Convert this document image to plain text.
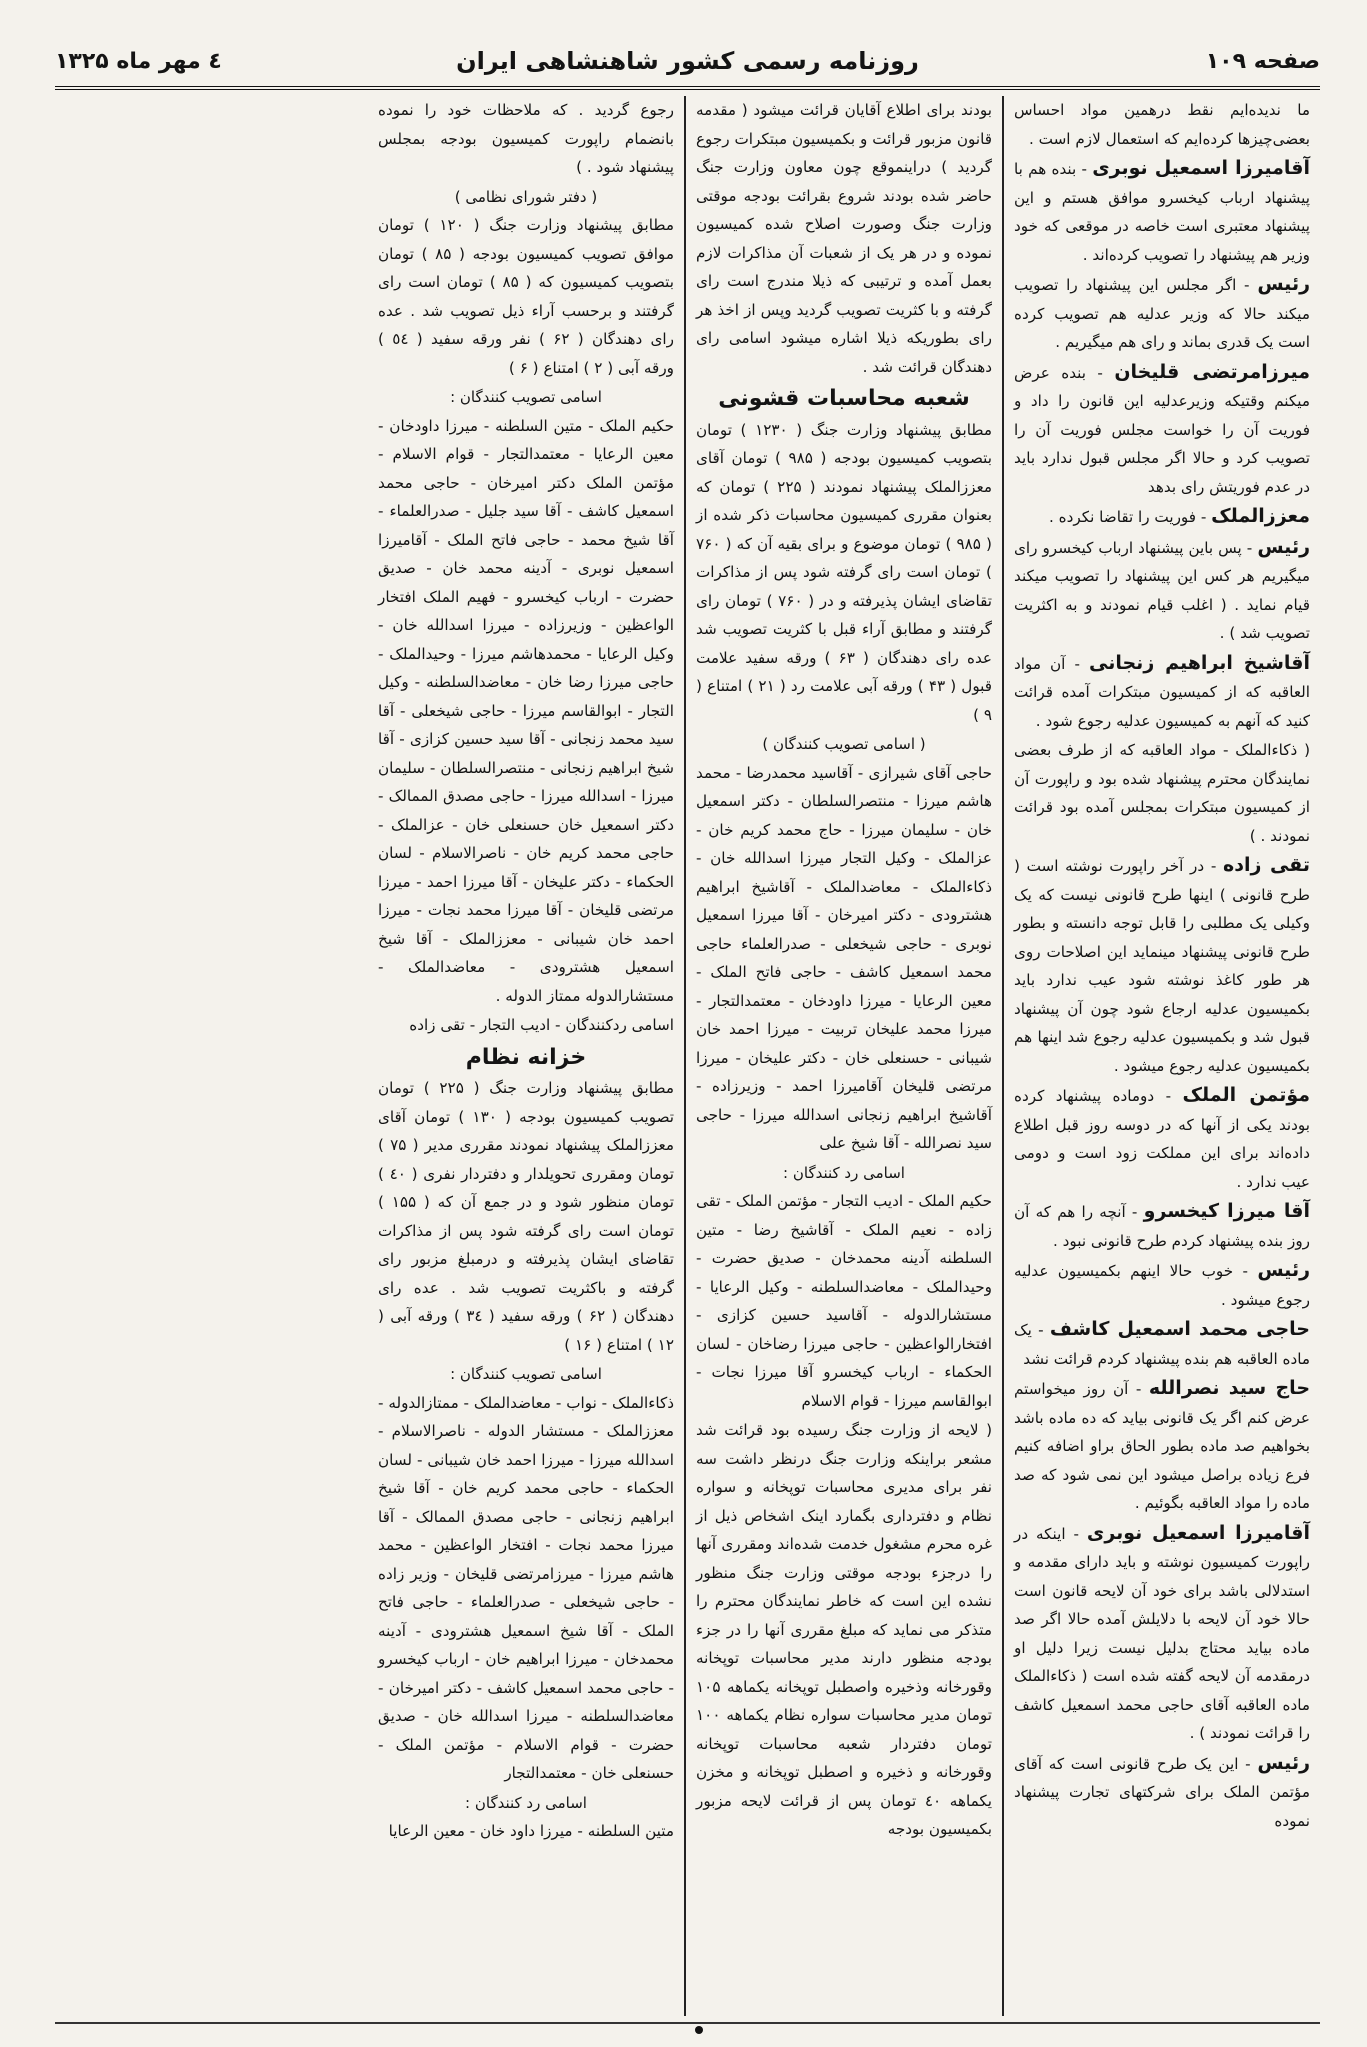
صفحه ۱۰۹
روزنامه رسمی کشور شاهنشاهی ایران
٤ مهر ماه ۱۳۲۵

ما ندیده‌ایم نقط درهمین مواد احساس بعضی‌چیزها کرده‌ایم که استعمال لازم است .

آقامیرزا اسمعیل نوبری - بنده هم با پیشنهاد ارباب کیخسرو موافق هستم و این پیشنهاد معتبری است خاصه در موقعی که خود وزیر هم پیشنهاد را تصویب کرده‌اند .

رئیس - اگر مجلس این پیشنهاد را تصویب میکند حالا که وزیر عدلیه هم تصویب کرده است یک قدری بماند و رای هم میگیریم .

میرزامرتضی قلیخان - بنده عرض میکنم وقتیکه وزیرعدلیه این قانون را داد و فوریت آن را خواست مجلس فوریت آن را تصویب کرد و حالا اگر مجلس قبول ندارد باید در عدم فوریتش رای بدهد

معززالملک - فوریت را تقاضا نکرده .

رئیس - پس باین پیشنهاد ارباب کیخسرو رای میگیریم هر کس این پیشنهاد را تصویب میکند قیام نماید . ( اغلب قیام نمودند و به اکثریت تصویب شد ) .

آقاشیخ ابراهیم زنجانی - آن مواد العاقبه که از کمیسیون مبتکرات آمده قرائت کنید که آنهم به کمیسیون عدلیه رجوع شود .

( ذکاءالملک - مواد العاقبه که از طرف بعضی نمایندگان محترم پیشنهاد شده بود و راپورت آن از کمیسیون مبتکرات بمجلس آمده بود قرائت نمودند . )

تقی زاده - در آخر راپورت نوشته است ( طرح قانونی ) اینها طرح قانونی نیست که یک وکیلی یک مطلبی را قابل توجه دانسته و بطور طرح قانونی پیشنهاد مینماید این اصلاحات روی هر طور کاغذ نوشته شود عیب ندارد باید بکمیسیون عدلیه ارجاع شود چون آن پیشنهاد قبول شد و بکمیسیون عدلیه رجوع شد اینها هم بکمیسیون عدلیه رجوع میشود .

مؤتمن الملک - دوماده پیشنهاد کرده بودند یکی از آنها که در دوسه روز قبل اطلاع داده‌اند برای این مملکت زود است و دومی عیب ندارد .

آقا میرزا کیخسرو - آنچه را هم که آن روز بنده پیشنهاد کردم طرح قانونی نبود .

رئیس - خوب حالا اینهم بکمیسیون عدلیه رجوع میشود .

حاجی محمد اسمعیل کاشف - یک ماده العاقبه هم بنده پیشنهاد کردم قرائت نشد

حاج سید نصرالله - آن روز میخواستم عرض کنم اگر یک قانونی بیاید که ده ماده باشد بخواهیم صد ماده بطور الحاق براو اضافه کنیم فرع زیاده براصل میشود این نمی شود که صد ماده را مواد العاقبه بگوئیم .

آقامیرزا اسمعیل نوبری - اینکه در راپورت کمیسیون نوشته و باید دارای مقدمه و استدلالی باشد برای خود آن لایحه قانون است حالا خود آن لایحه با دلایلش آمده حالا اگر صد ماده بیاید محتاج بدلیل نیست زیرا دلیل او درمقدمه آن لایحه گفته شده است ( ذکاءالملک ماده العاقبه آقای حاجی محمد اسمعیل کاشف را قرائت نمودند ) .

رئیس - این یک طرح قانونی است که آقای مؤتمن الملک برای شرکتهای تجارت پیشنهاد نموده

بودند برای اطلاع آقایان قرائت میشود ( مقدمه قانون مزبور قرائت و بکمیسیون مبتکرات رجوع گردید ) دراینموقع چون معاون وزارت جنگ حاضر شده بودند شروع بقرائت بودجه موقتی وزارت جنگ وصورت اصلاح شده کمیسیون نموده و در هر یک از شعبات آن مذاکرات لازم بعمل آمده و ترتیبی که ذیلا مندرج است رای گرفته و با کثریت تصویب گردید وپس از اخذ هر رای بطوریکه ذیلا اشاره میشود اسامی رای دهندگان قرائت شد .

شعبه محاسبات قشونی

مطابق پیشنهاد وزارت جنگ ( ۱۲۳۰ ) تومان بتصویب کمیسیون بودجه ( ۹۸۵ ) تومان آقای معززالملک پیشنهاد نمودند ( ۲۲۵ ) تومان که بعنوان مقرری کمیسیون محاسبات ذکر شده از ( ۹۸۵ ) تومان موضوع و برای بقیه آن که ( ۷۶۰ ) تومان است رای گرفته شود پس از مذاکرات تقاضای ایشان پذیرفته و در ( ۷۶۰ ) تومان رای گرفتند و مطابق آراء قبل با کثریت تصویب شد عده رای دهندگان ( ۶۳ ) ورقه سفید علامت قبول ( ۴۳ ) ورقه آبی علامت رد ( ۲۱ ) امتناع ( ۹ )

( اسامی تصویب کنندگان )

حاجی آقای شیرازی - آقاسید محمدرضا - محمد هاشم میرزا - منتصرالسلطان - دکتر اسمعیل خان - سلیمان میرزا - حاج محمد کریم خان - عزالملک - وکیل التجار میرزا اسدالله خان - ذکاءالملک - معاضدالملک - آقاشیخ ابراهیم هشترودی - دکتر امیرخان - آقا میرزا اسمعیل نوبری - حاجی شیخعلی - صدرالعلماء حاجی محمد اسمعیل کاشف - حاجی فاتح الملک - معین الرعایا - میرزا داودخان - معتمدالتجار - میرزا محمد علیخان تربیت - میرزا احمد خان شیبانی - حسنعلی خان - دکتر علیخان - میرزا مرتضی قلیخان آقامیرزا احمد - وزیرزاده - آقاشیخ ابراهیم زنجانی اسدالله میرزا - حاجی سید نصرالله - آقا شیخ علی

اسامی رد کنندگان :

حکیم الملک - ادیب التجار - مؤتمن الملک - تقی زاده - نعیم الملک - آقاشیخ رضا - متین السلطنه آدینه محمدخان - صدیق حضرت - وحیدالملک - معاضدالسلطنه - وکیل الرعایا - مستشارالدوله - آقاسید حسین کزازی - افتخارالواعظین - حاجی میرزا رضاخان - لسان الحکماء - ارباب کیخسرو آقا میرزا نجات - ابوالقاسم میرزا - قوام الاسلام

( لایحه از وزارت جنگ رسیده بود قرائت شد مشعر براینکه وزارت جنگ درنظر داشت سه نفر برای مدیری محاسبات توپخانه و سواره نظام و دفترداری بگمارد اینک اشخاص ذیل از غره محرم مشغول خدمت شده‌اند ومقرری آنها را درجزء بودجه موقتی وزارت جنگ منظور نشده این است که خاطر نمایندگان محترم را متذکر می نماید که مبلغ مقرری آنها را در جزء بودجه منظور دارند مدیر محاسبات توپخانه وقورخانه وذخیره واصطبل توپخانه یکماهه ۱۰۵ تومان مدیر محاسبات سواره نظام یکماهه ۱۰۰ تومان دفتردار شعبه محاسبات توپخانه وقورخانه و ذخیره و اصطبل توپخانه و مخزن یکماهه ٤٠ تومان پس از قرائت لایحه مزبور بکمیسیون بودجه

رجوع گردید . که ملاحظات خود را نموده بانضمام راپورت کمیسیون بودجه بمجلس پیشنهاد شود . )

( دفتر شورای نظامی )

مطابق پیشنهاد وزارت جنگ ( ۱۲۰ ) تومان موافق تصویب کمیسیون بودجه ( ۸۵ ) تومان بتصویب کمیسیون که ( ۸۵ ) تومان است رای گرفتند و برحسب آراء ذیل تصویب شد . عده رای دهندگان ( ۶۲ ) نفر ورقه سفید ( ٥٤ ) ورقه آبی ( ۲ ) امتناع ( ۶ )

اسامی تصویب کنندگان :

حکیم الملک - متین السلطنه - میرزا داودخان - معین الرعایا - معتمدالتجار - قوام الاسلام - مؤتمن الملک دکتر امیرخان - حاجی محمد اسمعیل کاشف - آقا سید جلیل - صدرالعلماء - آقا شیخ محمد - حاجی فاتح الملک - آقامیرزا اسمعیل نوبری - آدینه محمد خان - صدیق حضرت - ارباب کیخسرو - فهیم الملک افتخار الواعظین - وزیرزاده - میرزا اسدالله خان - وکیل الرعایا - محمدهاشم میرزا - وحیدالملک - حاجی میرزا رضا خان - معاضدالسلطنه - وکیل التجار - ابوالقاسم میرزا - حاجی شیخعلی - آقا سید محمد زنجانی - آقا سید حسین کزازی - آقا شیخ ابراهیم زنجانی - منتصرالسلطان - سلیمان میرزا - اسدالله میرزا - حاجی مصدق الممالک - دکتر اسمعیل خان حسنعلی خان - عزالملک - حاجی محمد کریم خان - ناصرالاسلام - لسان الحکماء - دکتر علیخان - آقا میرزا احمد - میرزا مرتضی قلیخان - آقا میرزا محمد نجات - میرزا احمد خان شیبانی - معززالملک - آقا شیخ اسمعیل هشترودی - معاضدالملک - مستشارالدوله ممتاز الدوله .

اسامی ردکنندگان - ادیب التجار - تقی زاده

خزانه نظام

مطابق پیشنهاد وزارت جنگ ( ۲۲۵ ) تومان تصویب کمیسیون بودجه ( ۱۳۰ ) تومان آقای معززالملک پیشنهاد نمودند مقرری مدیر ( ۷۵ ) تومان ومقرری تحویلدار و دفتردار نفری ( ٤۰ ) تومان منظور شود و در جمع آن که ( ۱۵۵ ) تومان است رای گرفته شود پس از مذاکرات تقاضای ایشان پذیرفته و درمبلغ مزبور رای گرفته و باکثریت تصویب شد . عده رای دهندگان ( ۶۲ ) ورقه سفید ( ۳٤ ) ورقه آبی ( ۱۲ ) امتناع ( ۱۶ )

اسامی تصویب کنندگان :

ذکاءالملک - نواب - معاضدالملک - ممتازالدوله - معززالملک - مستشار الدوله - ناصرالاسلام - اسدالله میرزا - میرزا احمد خان شیبانی - لسان الحکماء - حاجی محمد کریم خان - آقا شیخ ابراهیم زنجانی - حاجی مصدق الممالک - آقا میرزا محمد نجات - افتخار الواعظین - محمد هاشم میرزا - میرزامرتضی قلیخان - وزیر زاده - حاجی شیخعلی - صدرالعلماء - حاجی فاتح الملک - آقا شیخ اسمعیل هشترودی - آدینه محمدخان - میرزا ابراهیم خان - ارباب کیخسرو - حاجی محمد اسمعیل کاشف - دکتر امیرخان - معاضدالسلطنه - میرزا اسدالله خان - صدیق حضرت - قوام الاسلام - مؤتمن الملک - حسنعلی خان - معتمدالتجار

اسامی رد کنندگان :

متین السلطنه - میرزا داود خان - معین الرعایا
